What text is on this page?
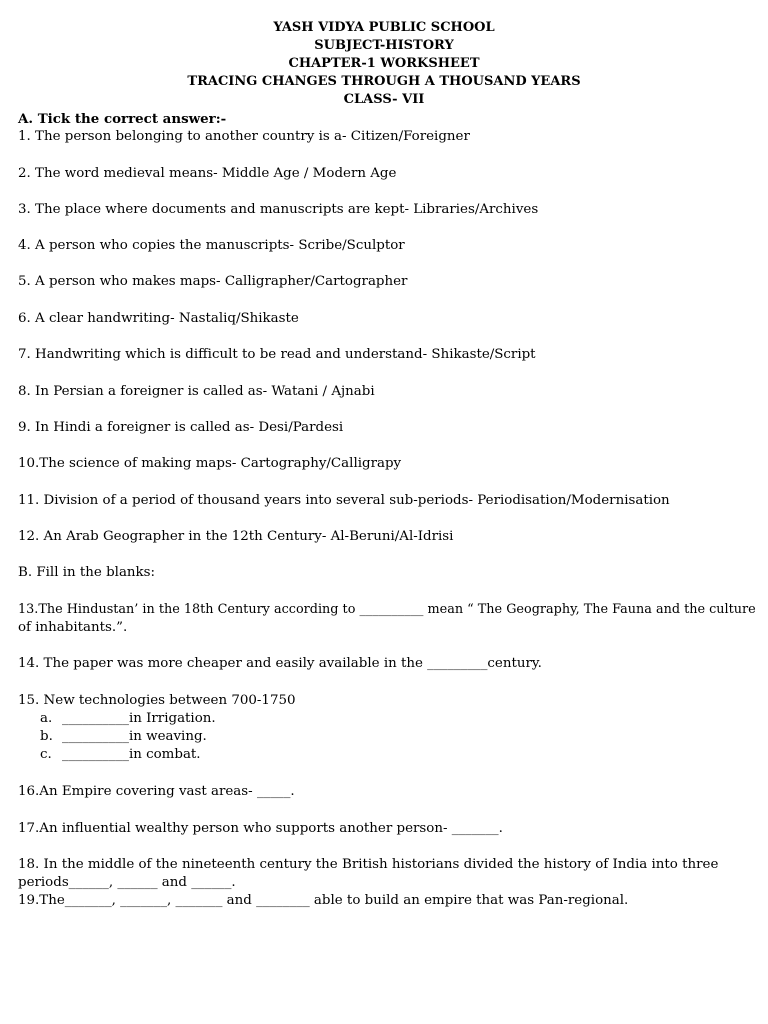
YASH VIDYA PUBLIC SCHOOL
SUBJECT-HISTORY
CHAPTER-1 WORKSHEET
TRACING CHANGES THROUGH A THOUSAND YEARS
CLASS- VII
A. Tick the correct answer:-
1. The person belonging to another country is a- Citizen/Foreigner
2. The word medieval means- Middle Age / Modern Age
3. The place where documents and manuscripts are kept- Libraries/Archives
4. A person who copies the manuscripts- Scribe/Sculptor
5. A person who makes maps- Calligrapher/Cartographer
6. A clear handwriting- Nastaliq/Shikaste
7. Handwriting which is difficult to be read and understand- Shikaste/Script
8. In Persian a foreigner is called as- Watani / Ajnabi
9. In Hindi a foreigner is called as- Desi/Pardesi
10.The science of making maps- Cartography/Calligrapy
11. Division of a period of thousand years into several sub-periods- Periodisation/Modernisation
12. An Arab Geographer in the 12th Century- Al-Beruni/Al-Idrisi
B. Fill in the blanks:
13.The Hindustan’ in the 18th Century according to __________ mean “ The Geography, The Fauna and the culture
of inhabitants.”.
14. The paper was more cheaper and easily available in the _________century.
15. New technologies between 700-1750
a. __________in Irrigation.
b. __________in weaving.
c. __________in combat.
16.An Empire covering vast areas- _____.
17.An influential wealthy person who supports another person- _______.
18. In the middle of the nineteenth century the British historians divided the history of India into three
periods______, ______ and ______.
19.The_______, _______, _______ and ________ able to build an empire that was Pan-regional.
